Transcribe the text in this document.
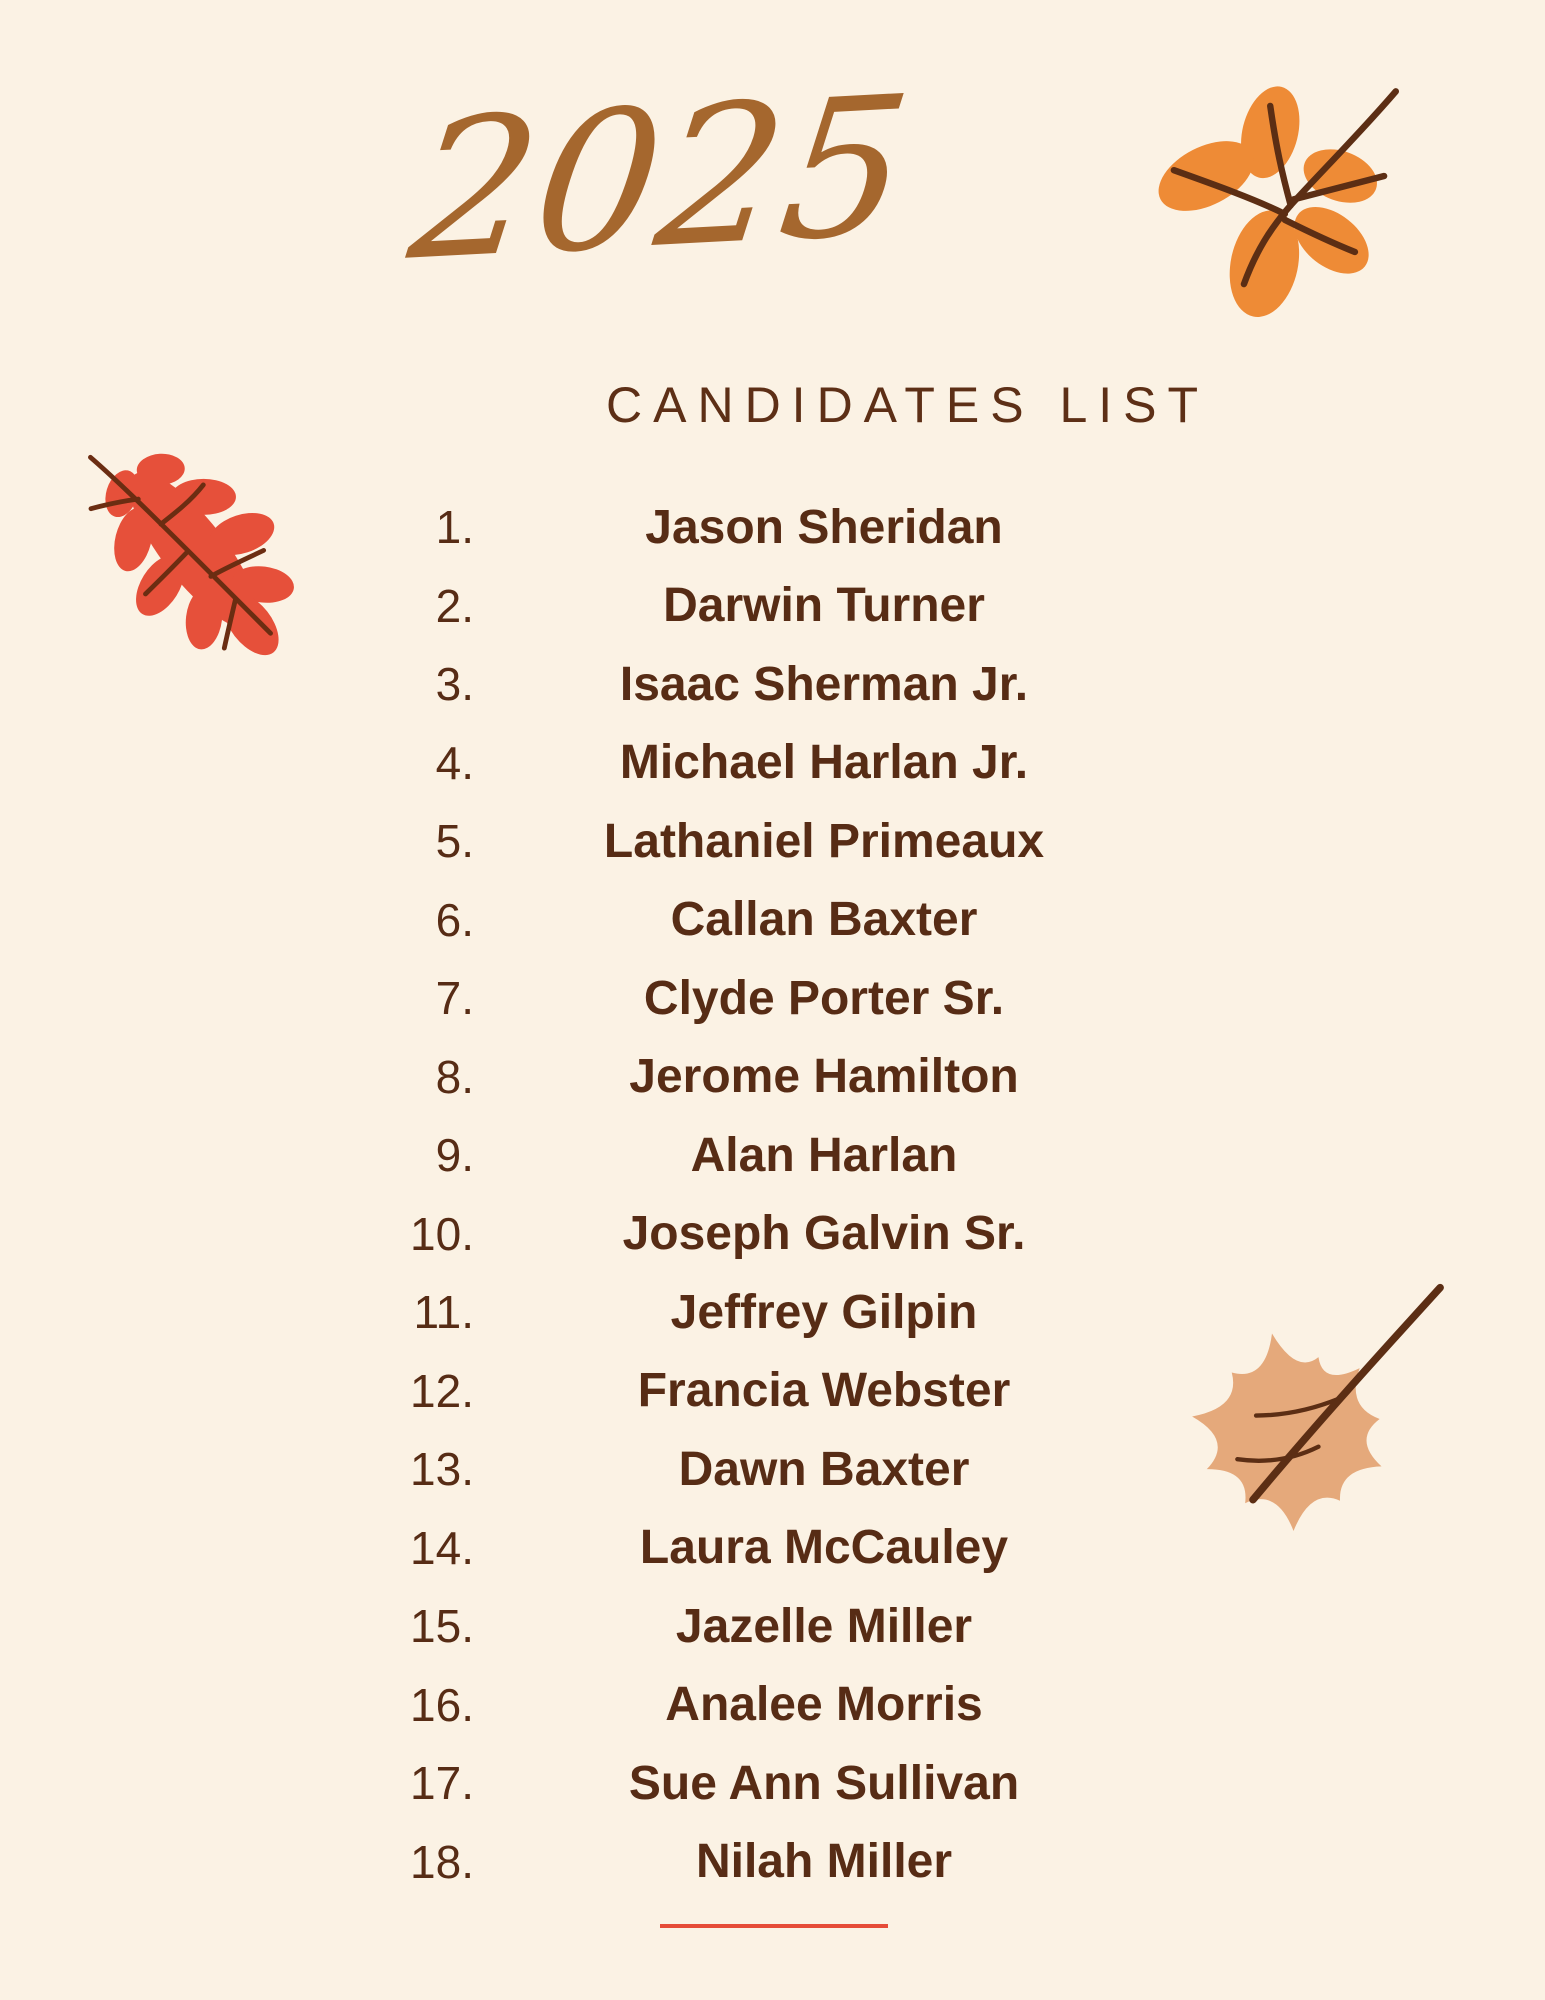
2025
CANDIDATES LIST
1.	Jason Sheridan
2.	Darwin Turner
3.	Isaac Sherman Jr.
4.	Michael Harlan Jr.
5.	Lathaniel Primeaux
6.	Callan Baxter
7.	Clyde Porter Sr.
8.	Jerome Hamilton
9.	Alan Harlan
10.	Joseph Galvin Sr.
11.	Jeffrey Gilpin
12.	Francia Webster
13.	Dawn Baxter
14.	Laura McCauley
15.	Jazelle Miller
16.	Analee Morris
17.	Sue Ann Sullivan
18.	Nilah Miller
